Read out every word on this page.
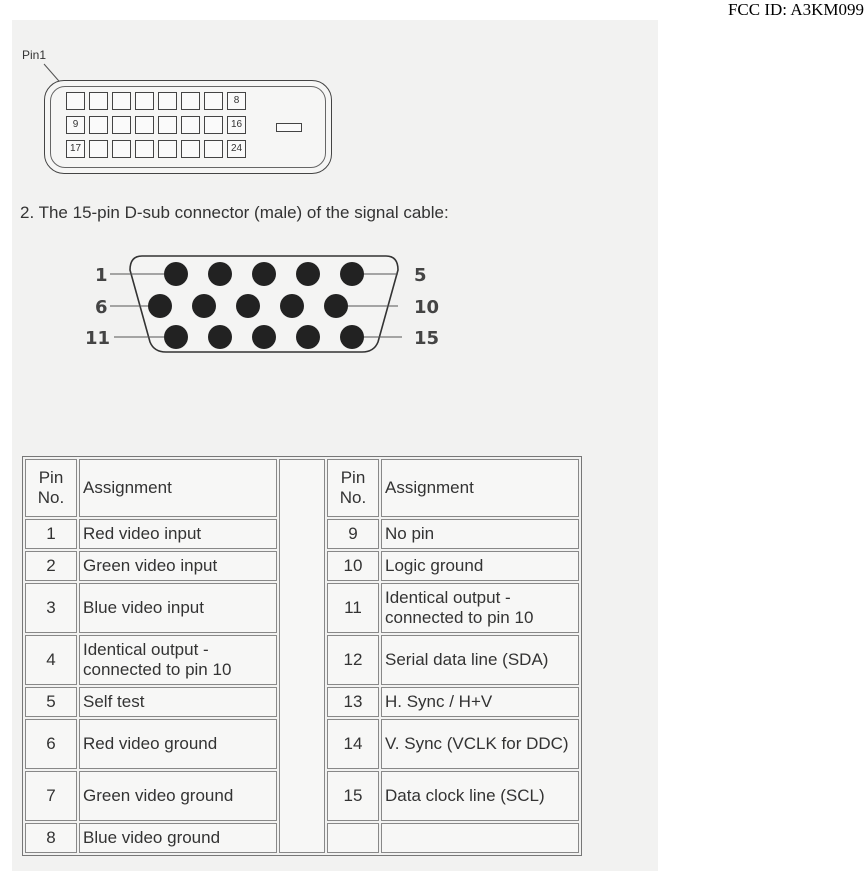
FCC ID: A3KM099
Pin1
8
9	16
17	24
2. The 15-pin D-sub connector (male) of the signal cable:
1
6
11
5
10
15
Pin No.	Assignment		Pin No.	Assignment
1	Red video input		9	No pin
2	Green video input		10	Logic ground
3	Blue video input		11	Identical output - connected to pin 10
4	Identical output - connected to pin 10		12	Serial data line (SDA)
5	Self test		13	H. Sync / H+V
6	Red video ground		14	V. Sync (VCLK for DDC)
7	Green video ground		15	Data clock line (SCL)
8	Blue video ground			
